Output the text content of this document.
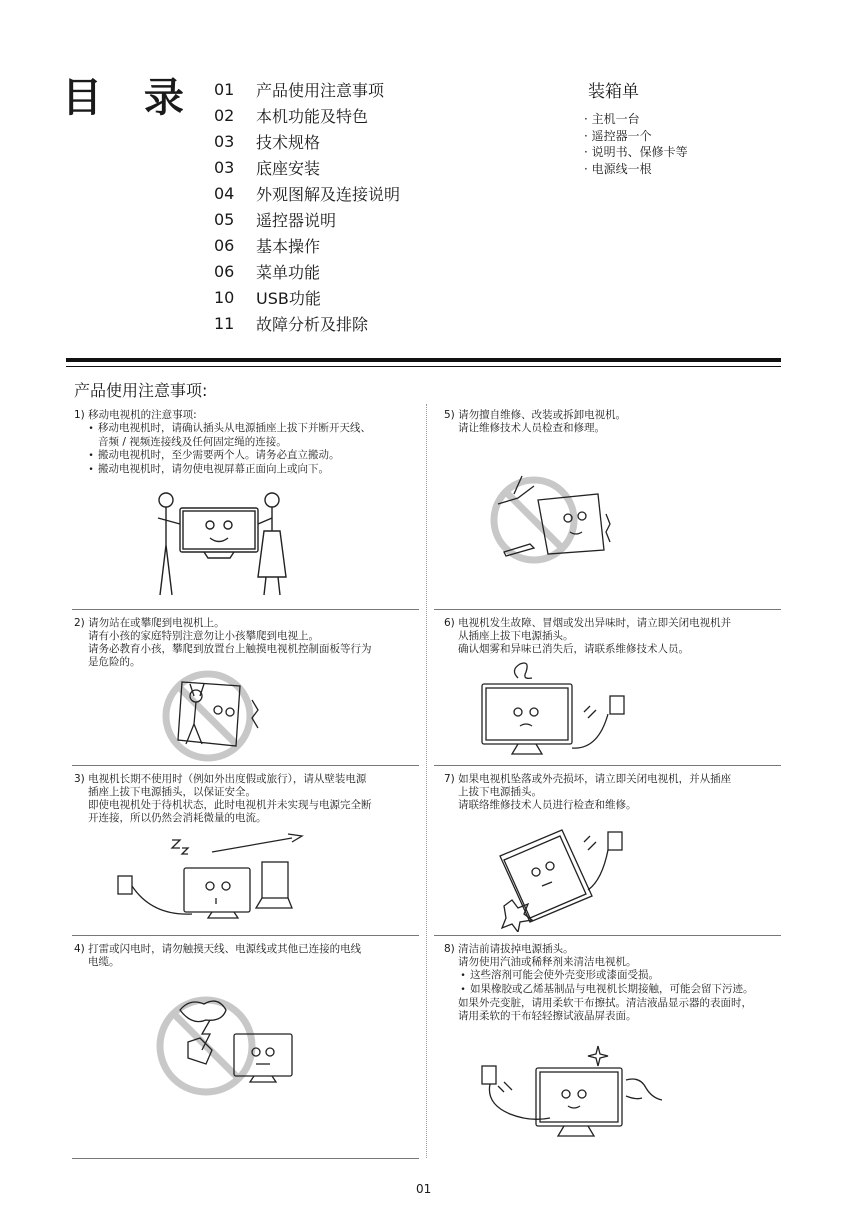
目 录 01	产品使用注意事项
02	本机功能及特色
03	技术规格
03	底座安装
04	外观图解及连接说明
05	遥控器说明
06	基本操作
06	菜单功能
10	USB功能
11	故障分析及排除
装箱单
· 主机一台
· 遥控器一个
· 说明书、保修卡等
· 电源线一根
产品使用注意事项:
1) 移动电视机的注意事项:
• 移动电视机时，请确认插头从电源插座上拔下并断开天线、
音频 / 视频连接线及任何固定绳的连接。
• 搬动电视机时，至少需要两个人。请务必直立搬动。
• 搬动电视机时，请勿使电视屏幕正面向上或向下。
2) 请勿站在或攀爬到电视机上。
请有小孩的家庭特别注意勿让小孩攀爬到电视上。
请务必教育小孩，攀爬到放置台上触摸电视机控制面板等行为
是危险的。
3) 电视机长期不使用时（例如外出度假或旅行），请从壁装电源
插座上拔下电源插头，以保证安全。
即使电视机处于待机状态，此时电视机并未实现与电源完全断
开连接，所以仍然会消耗微量的电流。
4) 打雷或闪电时，请勿触摸天线、电源线或其他已连接的电线
电缆。
5) 请勿擅自维修、改装或拆卸电视机。
请让维修技术人员检查和修理。
6) 电视机发生故障、冒烟或发出异味时，请立即关闭电视机并
从插座上拔下电源插头。
确认烟雾和异味已消失后，请联系维修技术人员。
7) 如果电视机坠落或外壳损坏，请立即关闭电视机，并从插座
上拔下电源插头。
请联络维修技术人员进行检查和维修。
8) 清洁前请拔掉电源插头。
请勿使用汽油或稀释剂来清洁电视机。
• 这些溶剂可能会使外壳变形或漆面受损。
• 如果橡胶或乙烯基制品与电视机长期接触，可能会留下污迹。
如果外壳变脏，请用柔软干布擦拭。清洁液晶显示器的表面时，
请用柔软的干布轻轻擦试液晶屏表面。
01
